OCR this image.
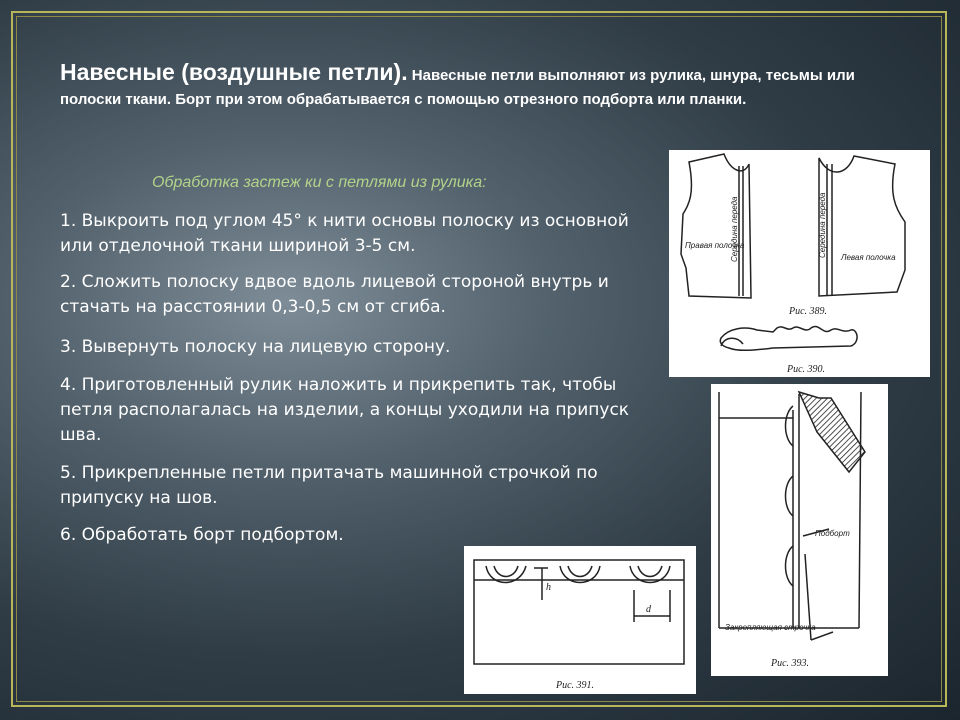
Навесные (воздушные петли). Навесные петли выполняют из рулика, шнура, тесьмы или полоски ткани. Борт при этом обрабатывается с помощью отрезного подборта или планки.
Обработка застеж ки с петлями из рулика:
1. Выкроить под углом 45° к нити основы полоску из основной или отделочной ткани шириной 3-5 см.
2. Сложить полоску вдвое вдоль лицевой стороной внутрь и стачать на расстоянии 0,3-0,5 см от сгиба.
3. Вывернуть полоску на лицевую сторону.
4. Приготовленный рулик наложить и прикрепить так, чтобы петля располагалась на изделии, а концы уходили на припуск шва.
5. Прикрепленные петли притачать машинной строчкой по припуску на шов.
6. Обработать борт подбортом.
Правая полочка
Левая полочка
Середина переда	Середина переда
Рис. 389.
Рис. 390.
Подборт
Закрепляющая строчка
Рис. 393.
h
d
Рис. 391.
